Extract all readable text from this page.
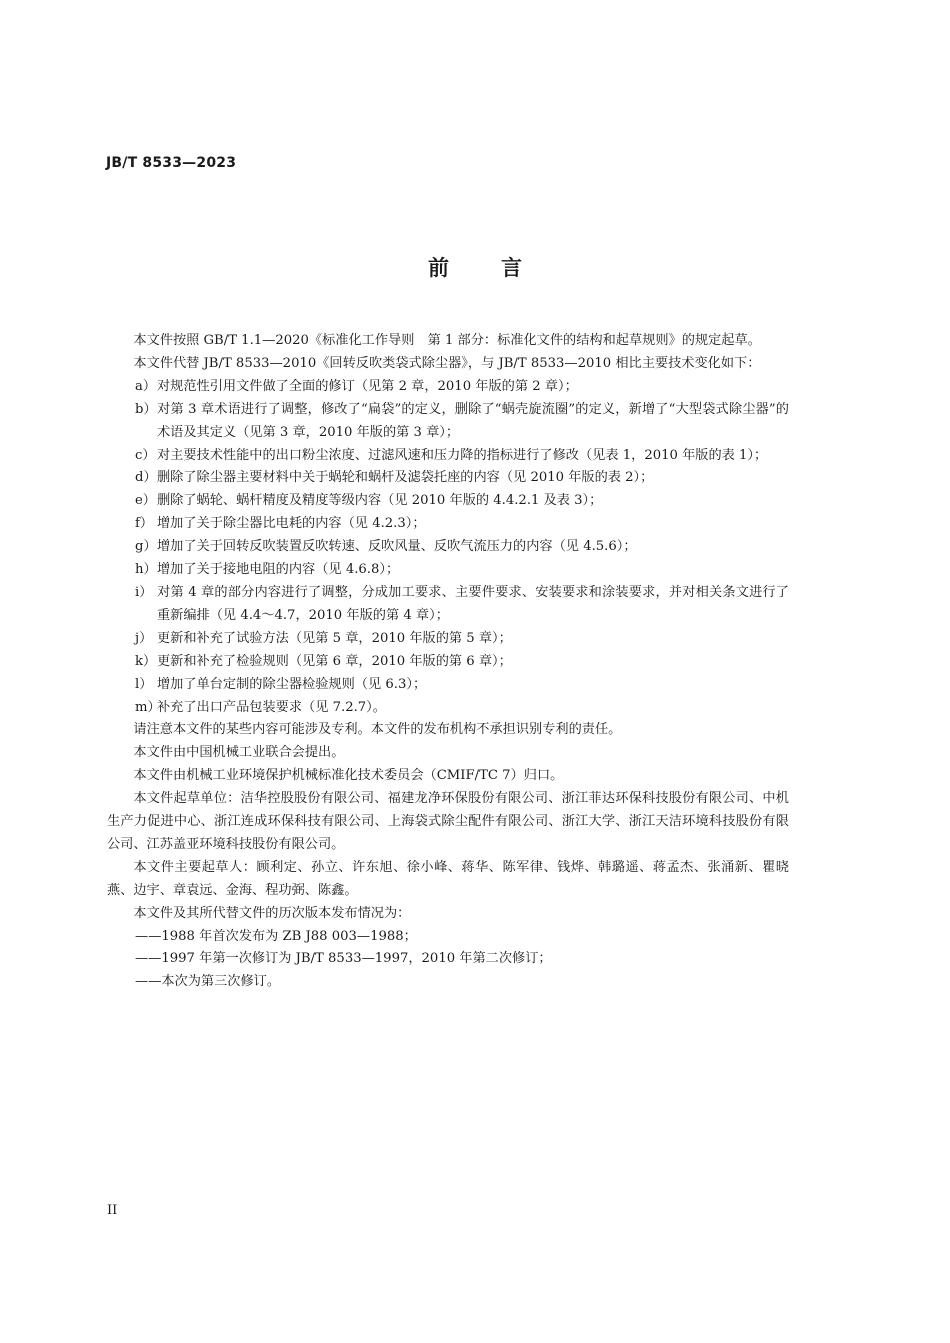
JB/T 8533—2023
前 言

本文件按照 GB/T 1.1—2020《标准化工作导则　第 1 部分：标准化文件的结构和起草规则》的规定起草。

本文件代替 JB/T 8533—2010《回转反吹类袋式除尘器》，与 JB/T 8533—2010 相比主要技术变化如下：

a）对规范性引用文件做了全面的修订（见第 2 章，2010 年版的第 2 章）；
b）对第 3 章术语进行了调整，修改了“扁袋”的定义，删除了“蜗壳旋流圈”的定义，新增了“大型袋式除尘器”的术语及其定义（见第 3 章，2010 年版的第 3 章）；
c）对主要技术性能中的出口粉尘浓度、过滤风速和压力降的指标进行了修改（见表 1，2010 年版的表 1）；
d）删除了除尘器主要材料中关于蜗轮和蜗杆及滤袋托座的内容（见 2010 年版的表 2）；
e）删除了蜗轮、蜗杆精度及精度等级内容（见 2010 年版的 4.4.2.1 及表 3）；
f） 增加了关于除尘器比电耗的内容（见 4.2.3）；
g）增加了关于回转反吹装置反吹转速、反吹风量、反吹气流压力的内容（见 4.5.6）；
h）增加了关于接地电阻的内容（见 4.6.8）；
i） 对第 4 章的部分内容进行了调整，分成加工要求、主要件要求、安装要求和涂装要求，并对相关条文进行了重新编排（见 4.4～4.7，2010 年版的第 4 章）；
j） 更新和补充了试验方法（见第 5 章，2010 年版的第 5 章）；
k）更新和补充了检验规则（见第 6 章，2010 年版的第 6 章）；
l） 增加了单台定制的除尘器检验规则（见 6.3）；
m）补充了出口产品包装要求（见 7.2.7）。

请注意本文件的某些内容可能涉及专利。本文件的发布机构不承担识别专利的责任。

本文件由中国机械工业联合会提出。

本文件由机械工业环境保护机械标准化技术委员会（CMIF/TC 7）归口。

本文件起草单位：洁华控股股份有限公司、福建龙净环保股份有限公司、浙江菲达环保科技股份有限公司、中机生产力促进中心、浙江连成环保科技有限公司、上海袋式除尘配件有限公司、浙江大学、浙江天洁环境科技股份有限公司、江苏盖亚环境科技股份有限公司。

本文件主要起草人：顾利定、孙立、许东旭、徐小峰、蒋华、陈军律、钱烨、韩璐遥、蒋孟杰、张涌新、瞿晓燕、边宇、章袁远、金海、程功弼、陈鑫。

本文件及其所代替文件的历次版本发布情况为：

——1988 年首次发布为 ZB J88 003—1988；
——1997 年第一次修订为 JB/T 8533—1997，2010 年第二次修订；
——本次为第三次修订。
II
